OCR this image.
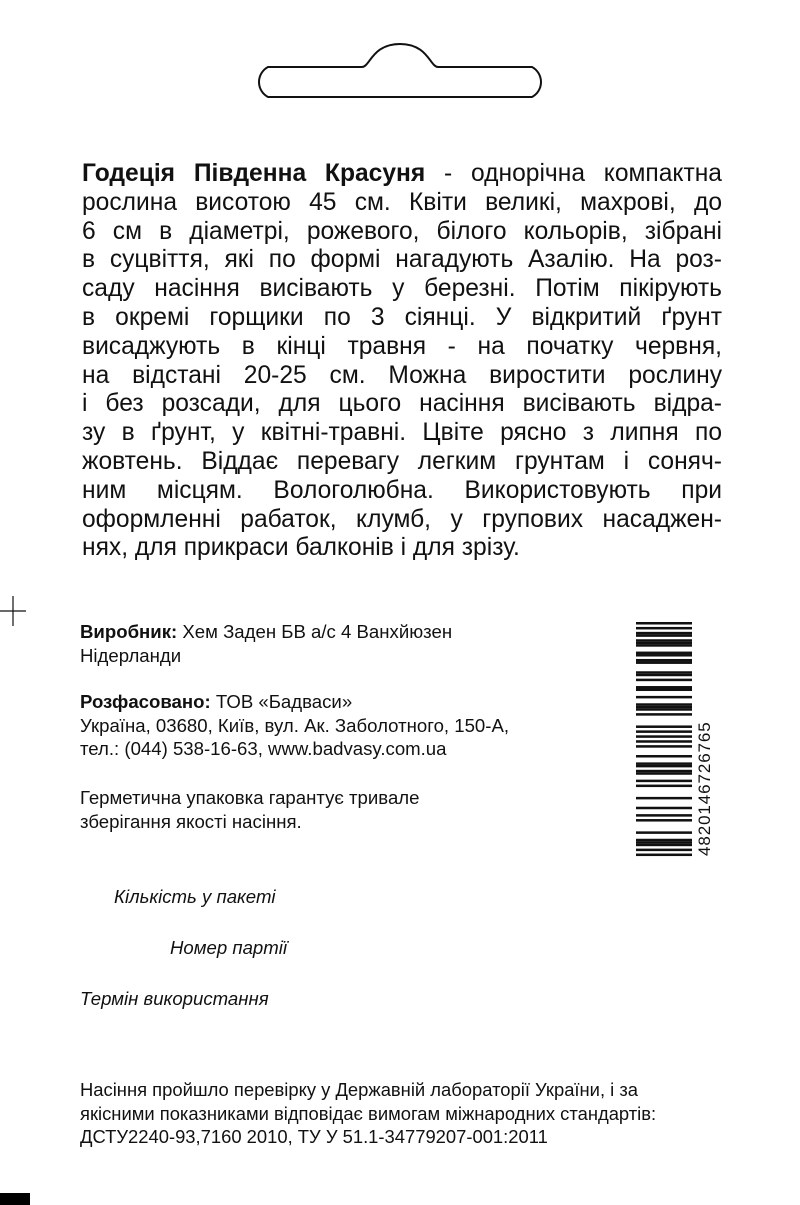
Годеція Південна Красуня - однорічна компактна
рослина висотою 45 см. Квіти великі, махрові, до
6 см в діаметрі, рожевого, білого кольорів, зібрані
в суцвіття, які по формі нагадують Азалію. На роз-
саду насіння висівають у березні. Потім пікірують
в окремі горщики по 3 сіянці. У відкритий ґрунт
висаджують в кінці травня - на початку червня,
на відстані 20-25 см. Можна виростити рослину
і без розсади, для цього насіння висівають відра-
зу в ґрунт, у квітні-травні. Цвіте рясно з липня по
жовтень. Віддає перевагу легким грунтам і соняч-
ним місцям. Вологолюбна. Використовують при
оформленні рабаток, клумб, у групових насаджен-
нях, для прикраси балконів і для зрізу.

Виробник: Хем Заден БВ а/с 4 Ванхйюзен
Нідерланди

Розфасовано: ТОВ «Бадваси»
Україна, 03680, Київ, вул. Ак. Заболотного, 150-А,
тел.: (044) 538-16-63, www.badvasy.com.ua

Герметична упаковка гарантує тривале
зберігання якості насіння.

Кількість у пакеті

Номер партії

Термін використання

Насіння пройшло перевірку у Державній лабораторії України, і за
якісними показниками відповідає вимогам міжнародних стандартів:
ДСТУ2240-93,7160 2010, ТУ У 51.1-34779207-001:2011

4820146726765
